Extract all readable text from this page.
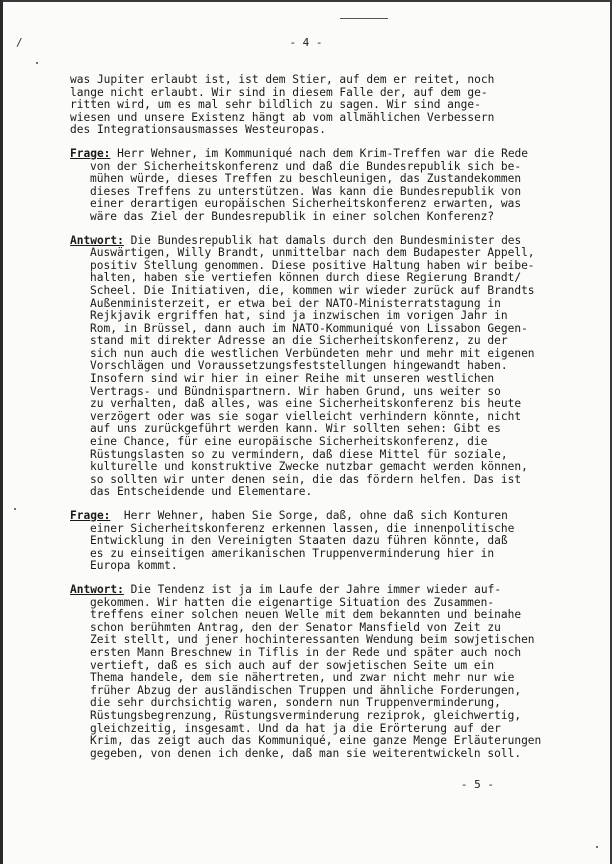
/	- 4 -
was Jupiter erlaubt ist, ist dem Stier, auf dem er reitet, noch
lange nicht erlaubt. Wir sind in diesem Falle der, auf dem ge-
ritten wird, um es mal sehr bildlich zu sagen. Wir sind ange-
wiesen und unsere Existenz hängt ab vom allmählichen Verbessern
des Integrationsausmasses Westeuropas.
Frage: Herr Wehner, im Kommuniqué nach dem Krim-Treffen war die Rede
von der Sicherheitskonferenz und daß die Bundesrepublik sich be-
mühen würde, dieses Treffen zu beschleunigen, das Zustandekommen
dieses Treffens zu unterstützen. Was kann die Bundesrepublik von
einer derartigen europäischen Sicherheitskonferenz erwarten, was
wäre das Ziel der Bundesrepublik in einer solchen Konferenz?
Antwort: Die Bundesrepublik hat damals durch den Bundesminister des
Auswärtigen, Willy Brandt, unmittelbar nach dem Budapester Appell,
positiv Stellung genommen. Diese positive Haltung haben wir beibe-
halten, haben sie vertiefen können durch diese Regierung Brandt/
Scheel. Die Initiativen, die, kommen wir wieder zurück auf Brandts
Außenministerzeit, er etwa bei der NATO-Ministerratstagung in
Rejkjavik ergriffen hat, sind ja inzwischen im vorigen Jahr in
Rom, in Brüssel, dann auch im NATO-Kommuniqué von Lissabon Gegen-
stand mit direkter Adresse an die Sicherheitskonferenz, zu der
sich nun auch die westlichen Verbündeten mehr und mehr mit eigenen
Vorschlägen und Voraussetzungsfeststellungen hingewandt haben.
Insofern sind wir hier in einer Reihe mit unseren westlichen
Vertrags- und Bündnispartnern. Wir haben Grund, uns weiter so
zu verhalten, daß alles, was eine Sicherheitskonferenz bis heute
verzögert oder was sie sogar vielleicht verhindern könnte, nicht
auf uns zurückgeführt werden kann. Wir sollten sehen: Gibt es
eine Chance, für eine europäische Sicherheitskonferenz, die
Rüstungslasten so zu vermindern, daß diese Mittel für soziale,
kulturelle und konstruktive Zwecke nutzbar gemacht werden können,
so sollten wir unter denen sein, die das fördern helfen. Das ist
das Entscheidende und Elementare.
Frage:  Herr Wehner, haben Sie Sorge, daß, ohne daß sich Konturen
einer Sicherheitskonferenz erkennen lassen, die innenpolitische
Entwicklung in den Vereinigten Staaten dazu führen könnte, daß
es zu einseitigen amerikanischen Truppenverminderung hier in
Europa kommt.
Antwort: Die Tendenz ist ja im Laufe der Jahre immer wieder auf-
gekommen. Wir hatten die eigenartige Situation des Zusammen-
treffens einer solchen neuen Welle mit dem bekannten und beinahe
schon berühmten Antrag, den der Senator Mansfield von Zeit zu
Zeit stellt, und jener hochinteressanten Wendung beim sowjetischen
ersten Mann Breschnew in Tiflis in der Rede und später auch noch
vertieft, daß es sich auch auf der sowjetischen Seite um ein
Thema handele, dem sie nähertreten, und zwar nicht mehr nur wie
früher Abzug der ausländischen Truppen und ähnliche Forderungen,
die sehr durchsichtig waren, sondern nun Truppenverminderung,
Rüstungsbegrenzung, Rüstungsverminderung reziprok, gleichwertig,
gleichzeitig, insgesamt. Und da hat ja die Erörterung auf der
Krim, das zeigt auch das Kommuniqué, eine ganze Menge Erläuterungen
gegeben, von denen ich denke, daß man sie weiterentwickeln soll.
- 5 -
